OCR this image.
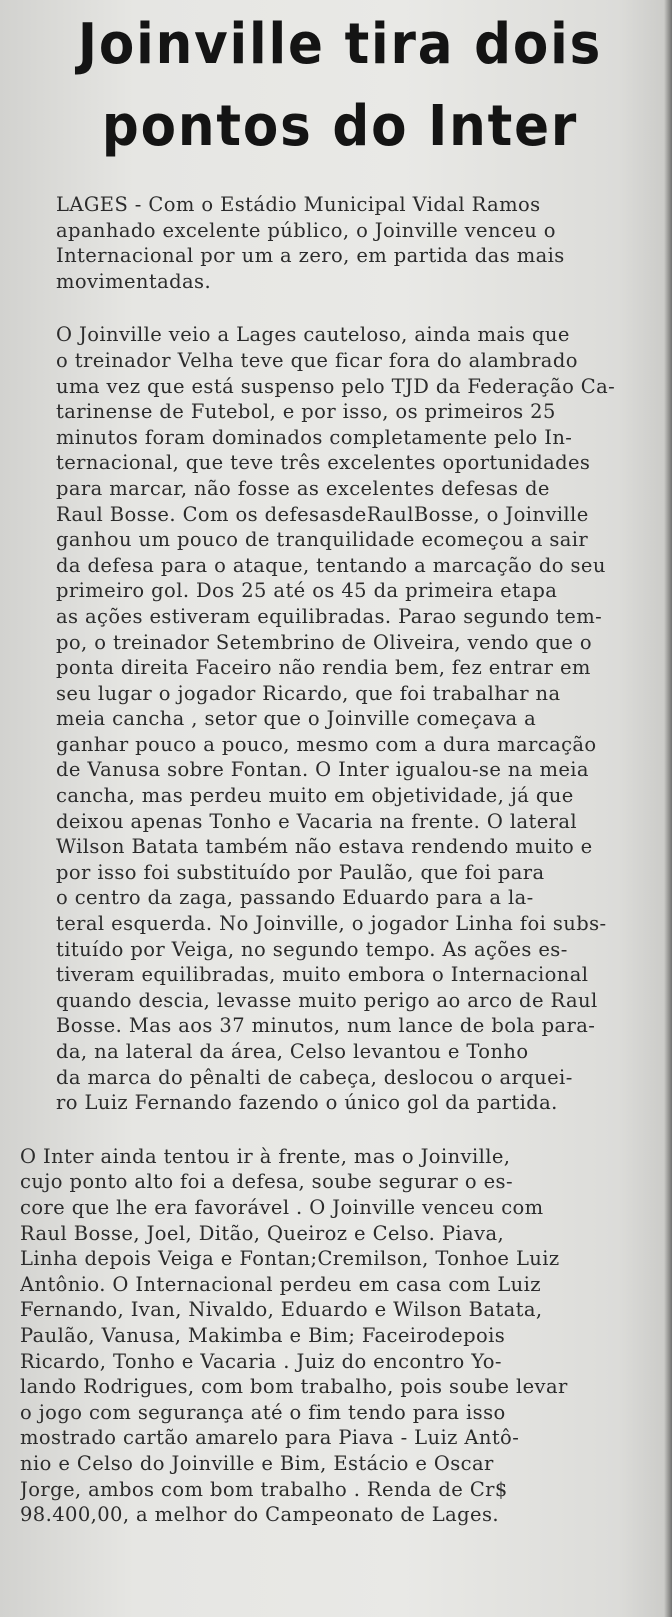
Joinville tira dois
pontos do Inter

LAGES - Com o Estádio Municipal Vidal Ramos
apanhado excelente público, o Joinville venceu o
Internacional por um a zero, em partida das mais
movimentadas.

O Joinville veio a Lages cauteloso, ainda mais que
o treinador Velha teve que ficar fora do alambrado
uma vez que está suspenso pelo TJD da Federação Ca-
tarinense de Futebol, e por isso, os primeiros 25
minutos foram dominados completamente pelo In-
ternacional, que teve três excelentes oportunidades
para marcar, não fosse as excelentes defesas de
Raul Bosse. Com os defesasdeRaulBosse, o Joinville
ganhou um pouco de tranquilidade ecomeçou a sair
da defesa para o ataque, tentando a marcação do seu
primeiro gol. Dos 25 até os 45 da primeira etapa
as ações estiveram equilibradas. Parao segundo tem-
po, o treinador Setembrino de Oliveira, vendo que o
ponta direita Faceiro não rendia bem, fez entrar em
seu lugar o jogador Ricardo, que foi trabalhar na
meia cancha , setor que o Joinville começava a
ganhar pouco a pouco, mesmo com a dura marcação
de Vanusa sobre Fontan. O Inter igualou-se na meia
cancha, mas perdeu muito em objetividade, já que
deixou apenas Tonho e Vacaria na frente. O lateral
Wilson Batata também não estava rendendo muito e
por isso foi substituído por Paulão, que foi para
o centro da zaga, passando Eduardo para a la-
teral esquerda. No Joinville, o jogador Linha foi subs-
tituído por Veiga, no segundo tempo. As ações es-
tiveram equilibradas, muito embora o Internacional
quando descia, levasse muito perigo ao arco de Raul
Bosse. Mas aos 37 minutos, num lance de bola para-
da, na lateral da área, Celso levantou e Tonho
da marca do pênalti de cabeça, deslocou o arquei-
ro Luiz Fernando fazendo o único gol da partida.

O Inter ainda tentou ir à frente, mas o Joinville,
cujo ponto alto foi a defesa, soube segurar o es-
core que lhe era favorável . O Joinville venceu com
Raul Bosse, Joel, Ditão, Queiroz e Celso. Piava,
Linha depois Veiga e Fontan;Cremilson, Tonhoe Luiz
Antônio. O Internacional perdeu em casa com Luiz
Fernando, Ivan, Nivaldo, Eduardo e Wilson Batata,
Paulão, Vanusa, Makimba e Bim; Faceirodepois
Ricardo, Tonho e Vacaria . Juiz do encontro Yo-
lando Rodrigues, com bom trabalho, pois soube levar
o jogo com segurança até o fim tendo para isso
mostrado cartão amarelo para Piava - Luiz Antô-
nio e Celso do Joinville e Bim, Estácio e Oscar
Jorge, ambos com bom trabalho . Renda de Cr$
98.400,00, a melhor do Campeonato de Lages.
